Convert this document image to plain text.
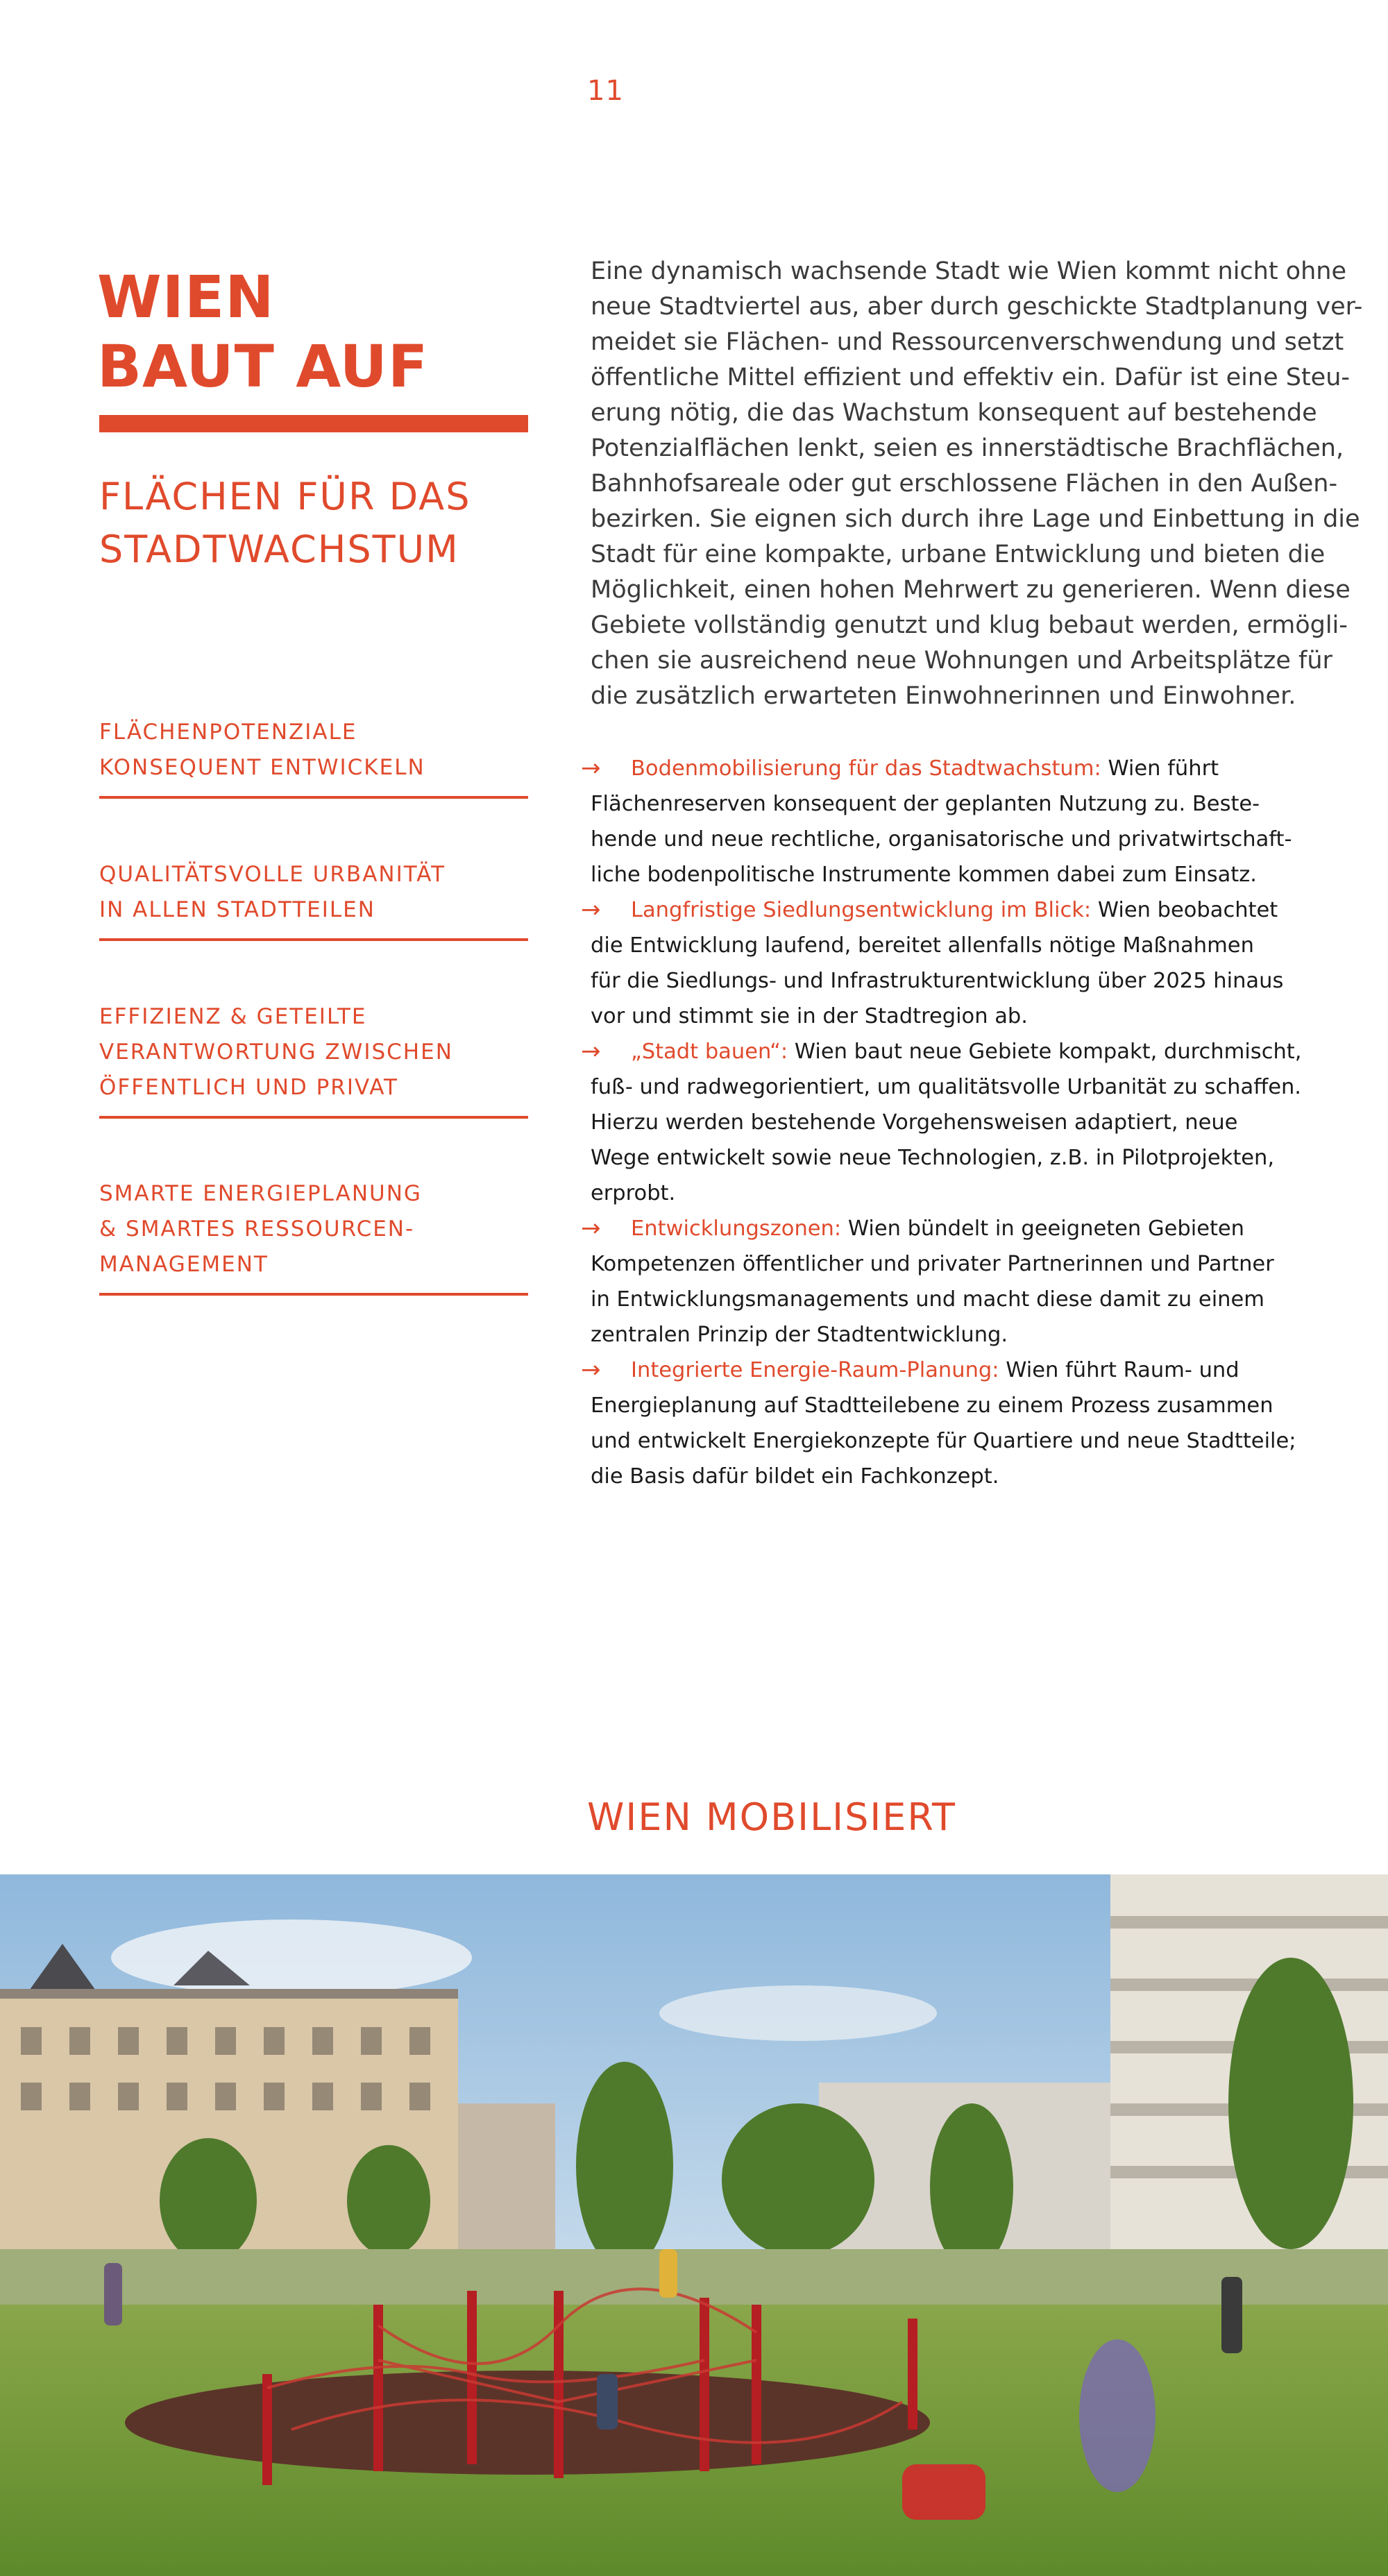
11
WIEN
BAUT AUF
FLÄCHEN FÜR DAS
STADTWACHSTUM
FLÄCHENPOTENZIALE
KONSEQUENT ENTWICKELN
QUALITÄTSVOLLE URBANITÄT
IN ALLEN STADTTEILEN
EFFIZIENZ & GETEILTE
VERANTWORTUNG ZWISCHEN
ÖFFENTLICH UND PRIVAT
SMARTE ENERGIEPLANUNG
& SMARTES RESSOURCEN-
MANAGEMENT

Eine dynamisch wachsende Stadt wie Wien kommt nicht ohne
neue Stadtviertel aus, aber durch geschickte Stadtplanung ver-
meidet sie Flächen- und Ressourcenverschwendung und setzt
öffentliche Mittel effizient und effektiv ein. Dafür ist eine Steu-
erung nötig, die das Wachstum konsequent auf bestehende
Potenzialflächen lenkt, seien es innerstädtische Brachflächen,
Bahnhofsareale oder gut erschlossene Flächen in den Außen-
bezirken. Sie eignen sich durch ihre Lage und Einbettung in die
Stadt für eine kompakte, urbane Entwicklung und bieten die
Möglichkeit, einen hohen Mehrwert zu generieren. Wenn diese
Gebiete vollständig genutzt und klug bebaut werden, ermögli-
chen sie ausreichend neue Wohnungen und Arbeitsplätze für
die zusätzlich erwarteten Einwohnerinnen und Einwohner.

→	Bodenmobilisierung für das Stadtwachstum: Wien führt
Flächenreserven konsequent der geplanten Nutzung zu. Beste-
hende und neue rechtliche, organisatorische und privatwirtschaft-
liche bodenpolitische Instrumente kommen dabei zum Einsatz.

→	Langfristige Siedlungsentwicklung im Blick: Wien beobachtet
die Entwicklung laufend, bereitet allenfalls nötige Maßnahmen
für die Siedlungs- und Infrastrukturentwicklung über 2025 hinaus
vor und stimmt sie in der Stadtregion ab.

→	„Stadt bauen“: Wien baut neue Gebiete kompakt, durchmischt,
fuß- und radwegorientiert, um qualitätsvolle Urbanität zu schaffen.
Hierzu werden bestehende Vorgehensweisen adaptiert, neue
Wege entwickelt sowie neue Technologien, z.B. in Pilotprojekten,
erprobt.

→	Entwicklungszonen: Wien bündelt in geeigneten Gebieten
Kompetenzen öffentlicher und privater Partnerinnen und Partner
in Entwicklungsmanagements und macht diese damit zu einem
zentralen Prinzip der Stadtentwicklung.

→	Integrierte Energie-Raum-Planung: Wien führt Raum- und
Energieplanung auf Stadtteilebene zu einem Prozess zusammen
und entwickelt Energiekonzepte für Quartiere und neue Stadtteile;
die Basis dafür bildet ein Fachkonzept.

WIEN MOBILISIERT
